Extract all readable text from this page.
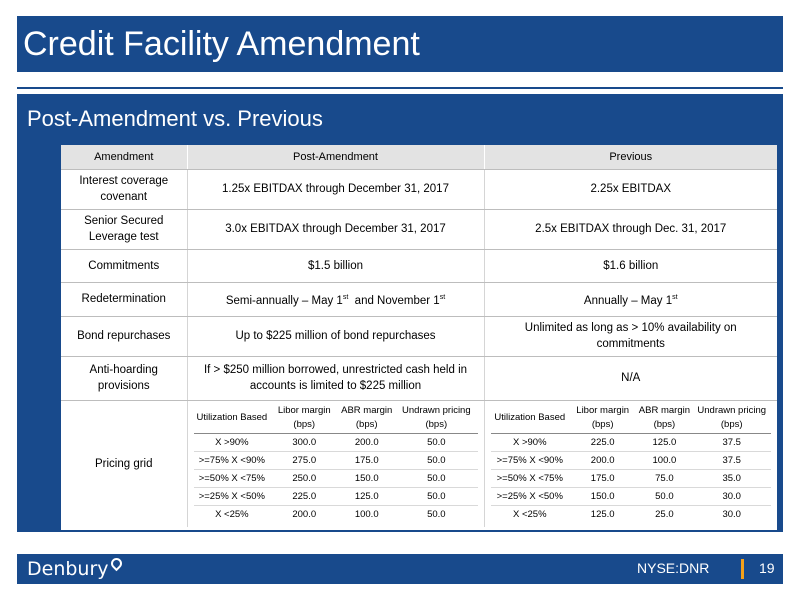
Credit Facility Amendment
Post-Amendment vs. Previous
Amendment	Post-Amendment	Previous
Interest coverage covenant	1.25x EBITDAX through December 31, 2017	2.25x EBITDAX
Senior Secured Leverage test	3.0x EBITDAX through December 31, 2017	2.5x EBITDAX through Dec. 31, 2017
Commitments	$1.5 billion	$1.6 billion
Redetermination	Semi-annually – May 1st  and November 1st	Annually – May 1st
Bond repurchases	Up to $225 million of bond repurchases	Unlimited as long as > 10% availability on commitments
Anti-hoarding provisions	If > $250 million borrowed, unrestricted cash held in accounts is limited to $225 million	N/A
Pricing grid	
Utilization Based	Libor margin (bps)	ABR margin (bps)	Undrawn pricing (bps)
X >90%	300.0	200.0	50.0
>=75% X <90%	275.0	175.0	50.0
>=50% X <75%	250.0	150.0	50.0
>=25% X <50%	225.0	125.0	50.0
X <25%	200.0	100.0	50.0

Utilization Based	Libor margin (bps)	ABR margin (bps)	Undrawn pricing (bps)
X >90%	225.0	125.0	37.5
>=75% X <90%	200.0	100.0	37.5
>=50% X <75%	175.0	75.0	35.0
>=25% X <50%	150.0	50.0	30.0
X <25%	125.0	25.0	30.0
Denbury	NYSE:DNR	19
